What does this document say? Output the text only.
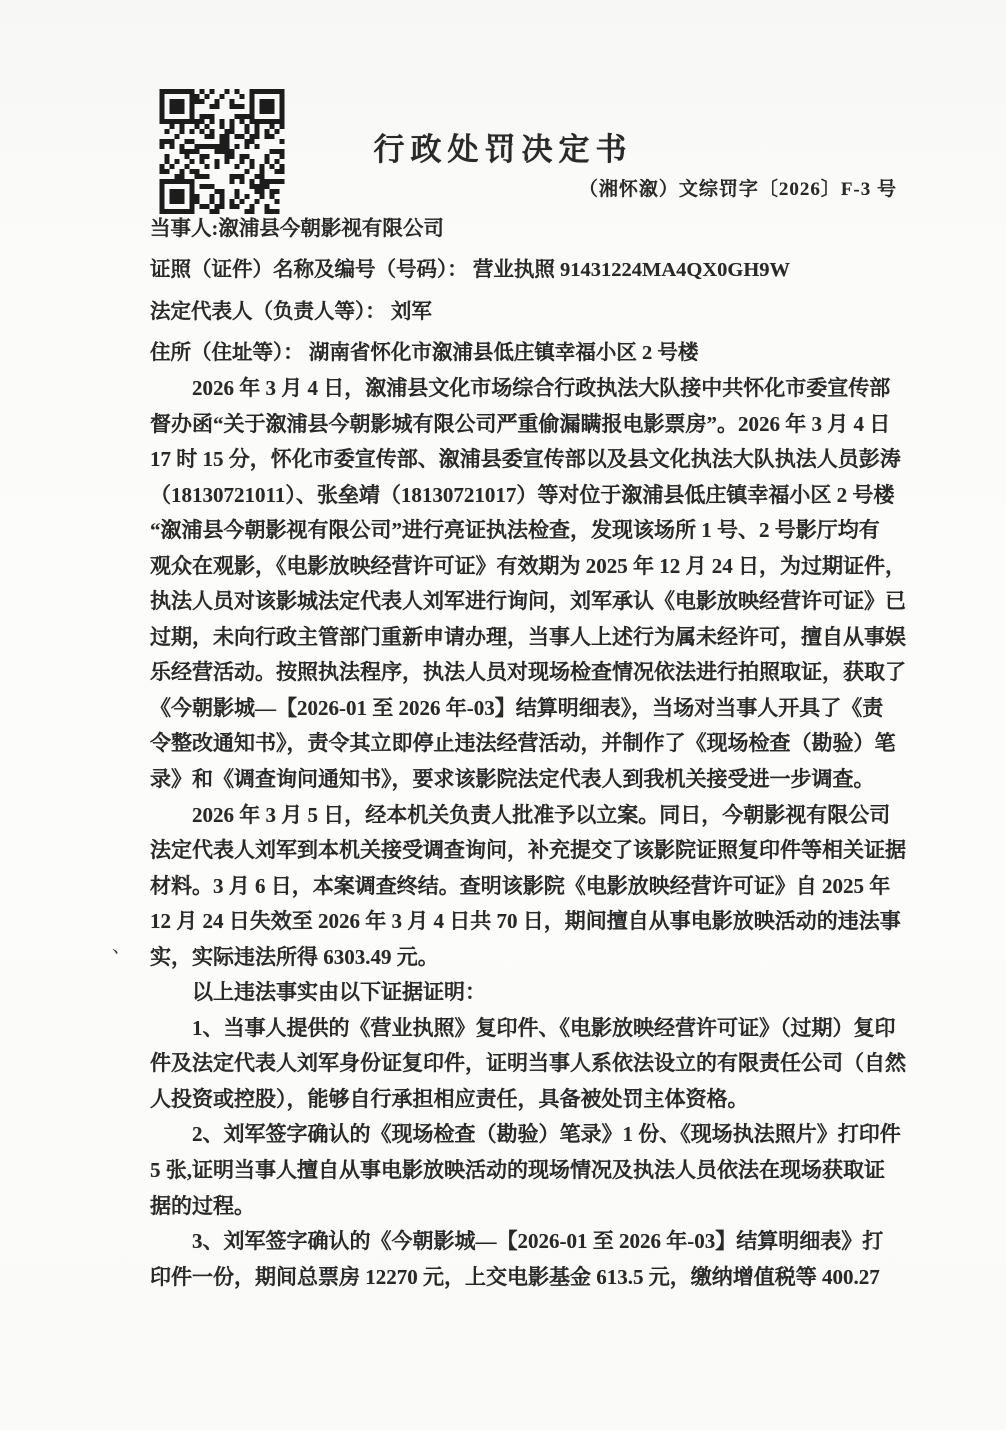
行政处罚决定书
（湘怀溆）文综罚字〔2026〕F-3 号
当事人:溆浦县今朝影视有限公司
证照（证件）名称及编号（号码）： 营业执照 91431224MA4QX0GH9W
法定代表人（负责人等）： 刘军
住所（住址等）： 湖南省怀化市溆浦县低庄镇幸福小区 2 号楼
　　2026 年 3 月 4 日，溆浦县文化市场综合行政执法大队接中共怀化市委宣传部
督办函“关于溆浦县今朝影城有限公司严重偷漏瞒报电影票房”。2026 年 3 月 4 日
17 时 15 分，怀化市委宣传部、溆浦县委宣传部以及县文化执法大队执法人员彭涛
（18130721011）、张垒靖（18130721017）等对位于溆浦县低庄镇幸福小区 2 号楼
“溆浦县今朝影视有限公司”进行亮证执法检查，发现该场所 1 号、2 号影厅均有
观众在观影，《电影放映经营许可证》有效期为 2025 年 12 月 24 日，为过期证件，
执法人员对该影城法定代表人刘军进行询问，刘军承认《电影放映经营许可证》已
过期，未向行政主管部门重新申请办理，当事人上述行为属未经许可，擅自从事娱
乐经营活动。按照执法程序，执法人员对现场检查情况依法进行拍照取证，获取了
《今朝影城—【2026-01 至 2026 年-03】结算明细表》，当场对当事人开具了《责
令整改通知书》，责令其立即停止违法经营活动，并制作了《现场检查（勘验）笔
录》和《调查询问通知书》，要求该影院法定代表人到我机关接受进一步调查。
　　2026 年 3 月 5 日，经本机关负责人批准予以立案。同日，今朝影视有限公司
法定代表人刘军到本机关接受调查询问，补充提交了该影院证照复印件等相关证据
材料。3 月 6 日，本案调查终结。查明该影院《电影放映经营许可证》自 2025 年
12 月 24 日失效至 2026 年 3 月 4 日共 70 日，期间擅自从事电影放映活动的违法事
实，实际违法所得 6303.49 元。
　　以上违法事实由以下证据证明：
　　1、当事人提供的《营业执照》复印件、《电影放映经营许可证》（过期）复印
件及法定代表人刘军身份证复印件，证明当事人系依法设立的有限责任公司（自然
人投资或控股），能够自行承担相应责任，具备被处罚主体资格。
　　2、刘军签字确认的《现场检查（勘验）笔录》1 份、《现场执法照片》打印件
5 张,证明当事人擅自从事电影放映活动的现场情况及执法人员依法在现场获取证
据的过程。
　　3、刘军签字确认的《今朝影城—【2026-01 至 2026 年-03】结算明细表》打
印件一份，期间总票房 12270 元，上交电影基金 613.5 元，缴纳增值税等 400.27
、
